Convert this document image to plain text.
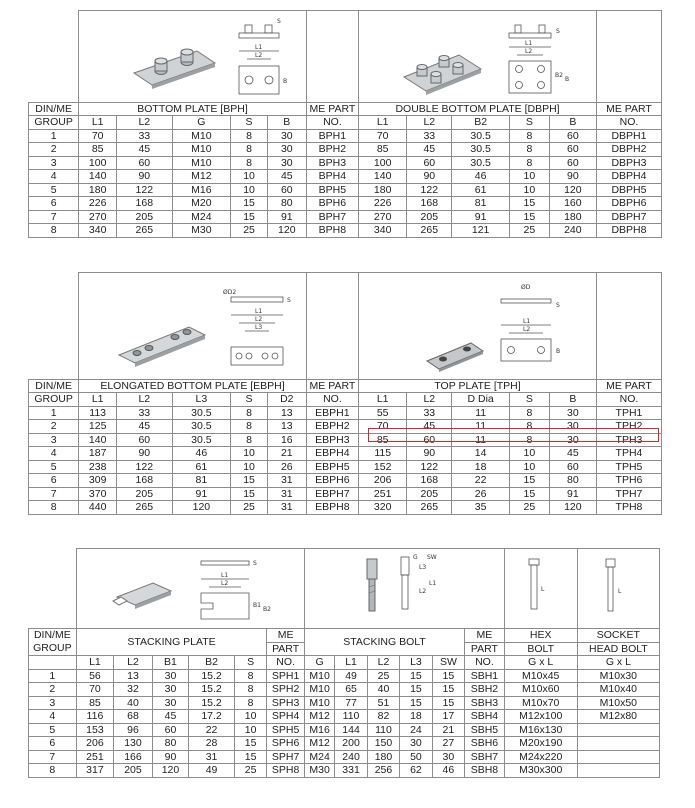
S
L1
L2
B						S
L1
L2
B2
B					

DIN/ME	BOTTOM PLATE [BPH]					ME PART	DOUBLE BOTTOM PLATE [DBPH]					ME PART
GROUP	L1	L2	G	S	B	NO.	L1	L2	B2	S	B	NO.
1	70	33	M10	8	30	BPH1	70	33	30.5	8	60	DBPH1
2	85	45	M10	8	30	BPH2	85	45	30.5	8	60	DBPH2
3	100	60	M10	8	30	BPH3	100	60	30.5	8	60	DBPH3
4	140	90	M12	10	45	BPH4	140	90	46	10	90	DBPH4
5	180	122	M16	10	60	BPH5	180	122	61	10	120	DBPH5
6	226	168	M20	15	80	BPH6	226	168	81	15	160	DBPH6
7	270	205	M24	15	91	BPH7	270	205	91	15	180	DBPH7
8	340	265	M30	25	120	BPH8	340	265	121	25	240	DBPH8

ØD2
L1
L2
L3
S						ØD
S
L1
L2
B					

DIN/ME	ELONGATED BOTTOM PLATE [EBPH]					ME PART	TOP PLATE [TPH]					ME PART
GROUP	L1	L2	L3	S	D2	NO.	L1	L2	D Dia	S	B	NO.
1	113	33	30.5	8	13	EBPH1	55	33	11	8	30	TPH1
2	125	45	30.5	8	13	EBPH2	70	45	11	8	30	TPH2
3	140	60	30.5	8	16	EBPH3	85	60	11	8	30	TPH3
4	187	90	46	10	21	EBPH4	115	90	14	10	45	TPH4
5	238	122	61	10	26	EBPH5	152	122	18	10	60	TPH5
6	309	168	81	15	31	EBPH6	206	168	22	15	80	TPH6
7	370	205	91	15	31	EBPH7	251	205	26	15	91	TPH7
8	440	265	120	25	31	EBPH8	320	265	35	25	120	TPH8

L1
L2
B1
B2
S						G SW
L1
L2
L3						L	L

DIN/ME
GROUP	STACKING PLATE					ME	STACKING BOLT					ME	HEX	SOCKET
						PART						PART	BOLT	HEAD BOLT
	L1	L2	B1	B2	S	NO.	G	L1	L2	L3	SW	NO.	G x L	G x L
1	56	13	30	15.2	8	SPH1	M10	49	25	15	15	SBH1	M10x45	M10x30
2	70	32	30	15.2	8	SPH2	M10	65	40	15	15	SBH2	M10x60	M10x40
3	85	40	30	15.2	8	SPH3	M10	77	51	15	15	SBH3	M10x70	M10x50
4	116	68	45	17.2	10	SPH4	M12	110	82	18	17	SBH4	M12x100	M12x80
5	153	96	60	22	10	SPH5	M16	144	110	24	21	SBH5	M16x130	
6	206	130	80	28	15	SPH6	M12	200	150	30	27	SBH6	M20x190	
7	251	166	90	31	15	SPH7	M24	240	180	50	30	SBH7	M24x220	
8	317	205	120	49	25	SPH8	M30	331	256	62	46	SBH8	M30x300	
